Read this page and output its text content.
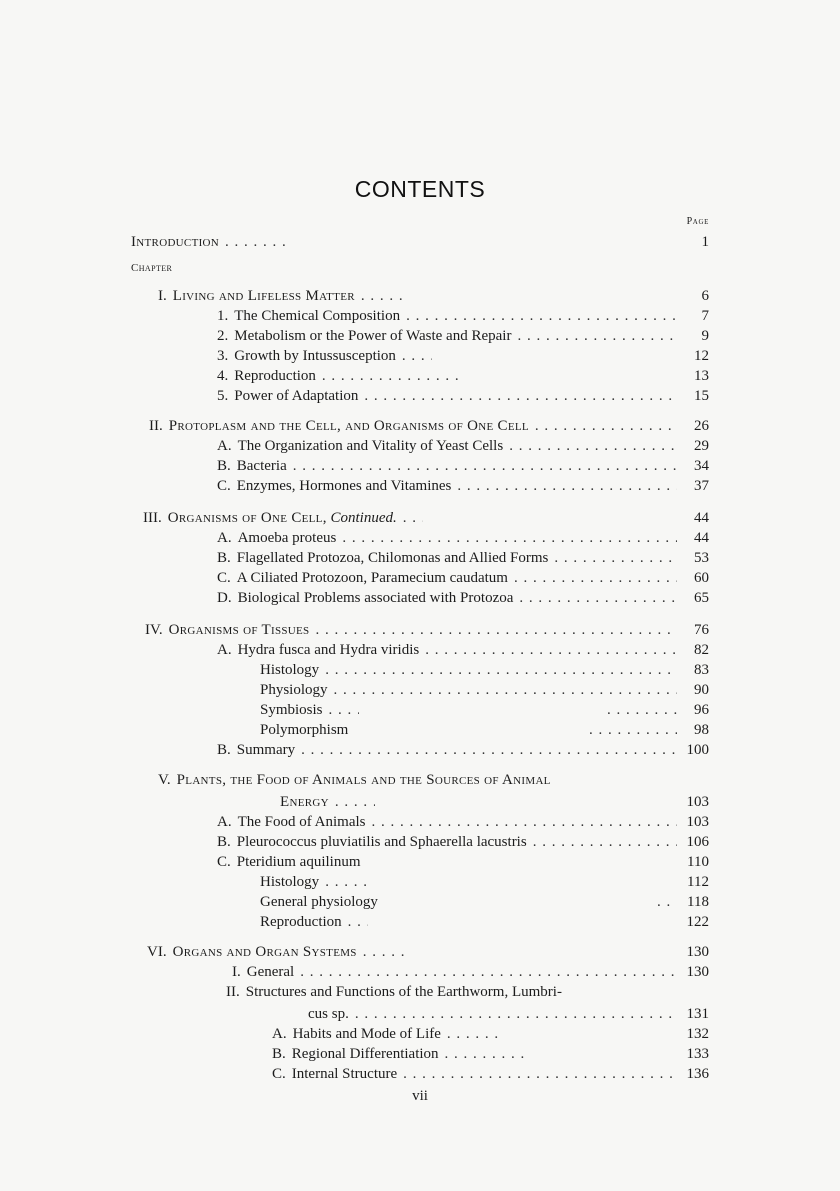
CONTENTS
Page
Introduction . . .	1
Chapter
I. Living and Lifeless Matter . . .	6
1. The Chemical Composition . . .	7
2. Metabolism or the Power of Waste and Repair . . .	9
3. Growth by Intussusception . . .	12
4. Reproduction . . .	13
5. Power of Adaptation . . .	15
II. Protoplasm and the Cell, and Organisms of One Cell . . .	26
A. The Organization and Vitality of Yeast Cells . . .	29
B. Bacteria . . .	34
C. Enzymes, Hormones and Vitamines . . .	37
III. Organisms of One Cell,
Continued. . . .	44
A. Amoeba proteus . . .	44
B. Flagellated Protozoa, Chilomonas and Allied Forms . . .	53
C. A Ciliated Protozoon, Paramecium caudatum . . .	60
D. Biological Problems associated with Protozoa . . .	65
IV. Organisms of Tissues . . .	76
A. Hydra fusca and Hydra viridis . . .	82
Histology . . .	83
Physiology . . .	90
Symbiosis . . . . . .	96
Polymorphism . . .	98
B. Summary . . .	100
V. Plants, the Food of Animals and the Sources of Animal
Energy . . .	103
A. The Food of Animals . . .	103
B. Pleurococcus pluviatilis and Sphaerella lacustris . . .	106
C. Pteridium aquilinum	110
Histology . . .	112
General physiology . . .	118
Reproduction . . .	122
VI. Organs and Organ Systems . . .	130
I. General . . .	130
II. Structures and Functions of the Earthworm, Lumbri-
cus sp. . . .	131
A. Habits and Mode of Life . . .	132
B. Regional Differentiation . . .	133
C. Internal Structure . . .	136
vii
